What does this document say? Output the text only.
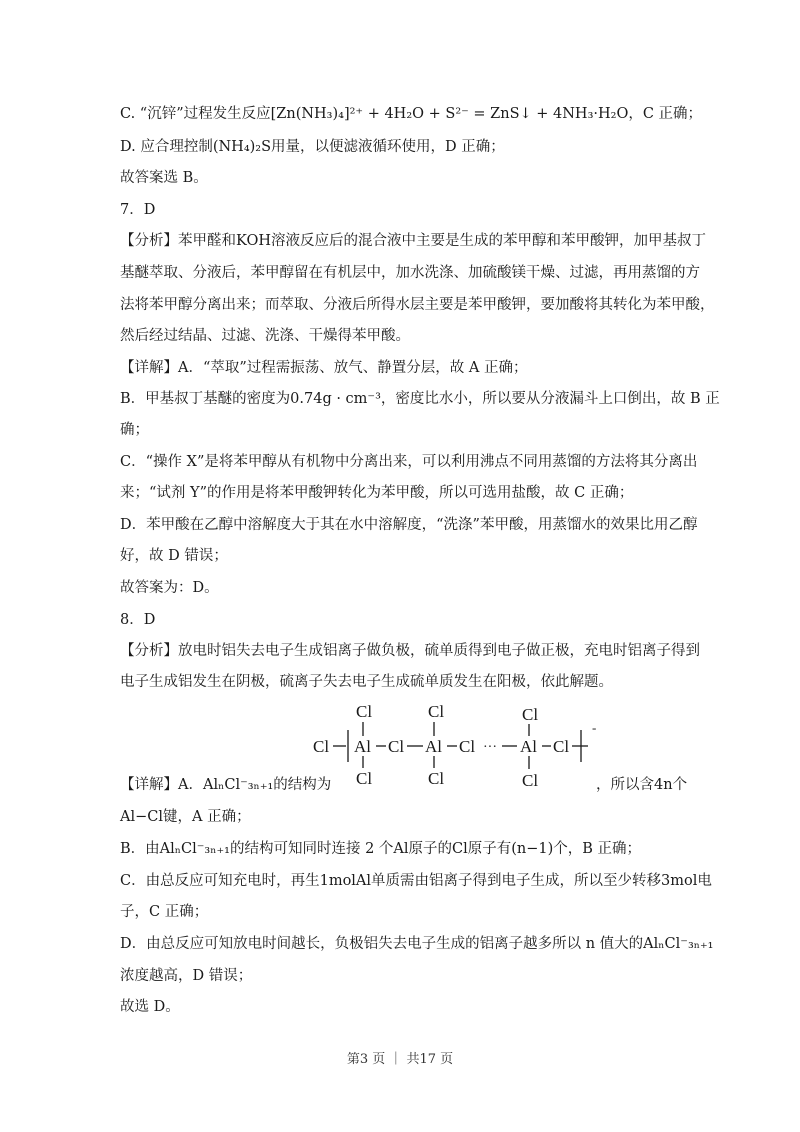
C. “沉锌”过程发生反应[Zn(NH₃)₄]²⁺ + 4H₂O + S²⁻ = ZnS↓ + 4NH₃·H₂O，C 正确；
D. 应合理控制(NH₄)₂S用量，以便滤液循环使用，D 正确；
故答案选 B。
7．D
【分析】苯甲醛和KOH溶液反应后的混合液中主要是生成的苯甲醇和苯甲酸钾，加甲基叔丁
基醚萃取、分液后，苯甲醇留在有机层中，加水洗涤、加硫酸镁干燥、过滤，再用蒸馏的方
法将苯甲醇分离出来；而萃取、分液后所得水层主要是苯甲酸钾，要加酸将其转化为苯甲酸，
然后经过结晶、过滤、洗涤、干燥得苯甲酸。
【详解】A．“萃取”过程需振荡、放气、静置分层，故 A 正确；
B．甲基叔丁基醚的密度为0.74g · cm⁻³，密度比水小，所以要从分液漏斗上口倒出，故 B 正
确；
C．“操作 X”是将苯甲醇从有机物中分离出来，可以利用沸点不同用蒸馏的方法将其分离出
来；“试剂 Y”的作用是将苯甲酸钾转化为苯甲酸，所以可选用盐酸，故 C 正确；
D．苯甲酸在乙醇中溶解度大于其在水中溶解度，“洗涤”苯甲酸，用蒸馏水的效果比用乙醇
好，故 D 错误；
故答案为：D。
8．D
【分析】放电时铝失去电子生成铝离子做负极，硫单质得到电子做正极，充电时铝离子得到
电子生成铝发生在阴极，硫离子失去电子生成硫单质发生在阳极，依此解题。
Cl	Cl	Cl
Cl Al Cl Al Cl ··· Al Cl
Cl	Cl	Cl
-
【详解】A．AlₙCl⁻₃ₙ₊₁的结构为	，所以含4n个
Al−Cl键，A 正确；
B．由AlₙCl⁻₃ₙ₊₁的结构可知同时连接 2 个Al原子的Cl原子有(n−1)个，B 正确；
C．由总反应可知充电时，再生1molAl单质需由铝离子得到电子生成，所以至少转移3mol电
子，C 正确；
D．由总反应可知放电时间越长，负极铝失去电子生成的铝离子越多所以 n 值大的AlₙCl⁻₃ₙ₊₁
浓度越高，D 错误；
故选 D。
第3 页 ｜ 共17 页
